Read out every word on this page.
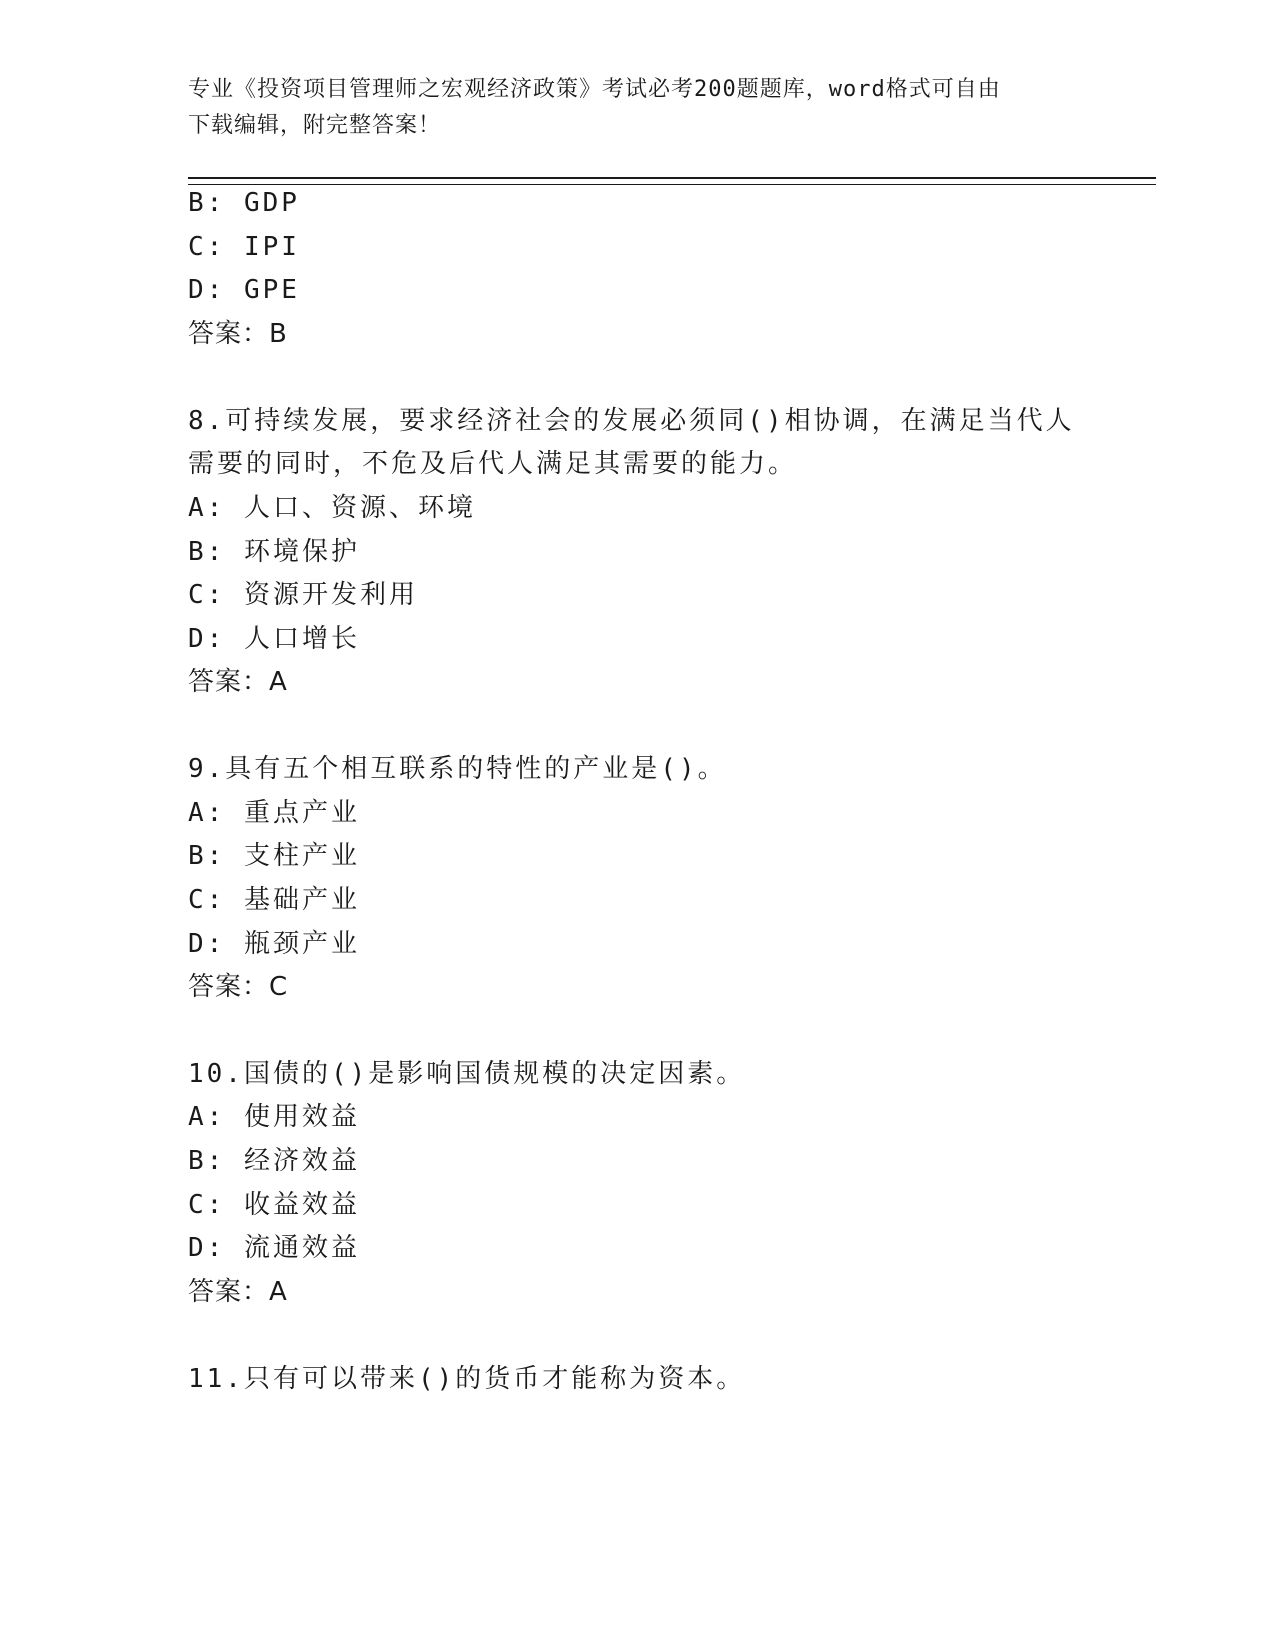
专业《投资项目管理师之宏观经济政策》考试必考200题题库，word格式可自由
下载编辑，附完整答案！
B: GDP
C: IPI
D: GPE
答案：B
8.可持续发展，要求经济社会的发展必须同()相协调，在满足当代人
需要的同时，不危及后代人满足其需要的能力。
A: 人口、资源、环境
B: 环境保护
C: 资源开发利用
D: 人口增长
答案：A
9.具有五个相互联系的特性的产业是()。
A: 重点产业
B: 支柱产业
C: 基础产业
D: 瓶颈产业
答案：C
10.国债的()是影响国债规模的决定因素。
A: 使用效益
B: 经济效益
C: 收益效益
D: 流通效益
答案：A
11.只有可以带来()的货币才能称为资本。
